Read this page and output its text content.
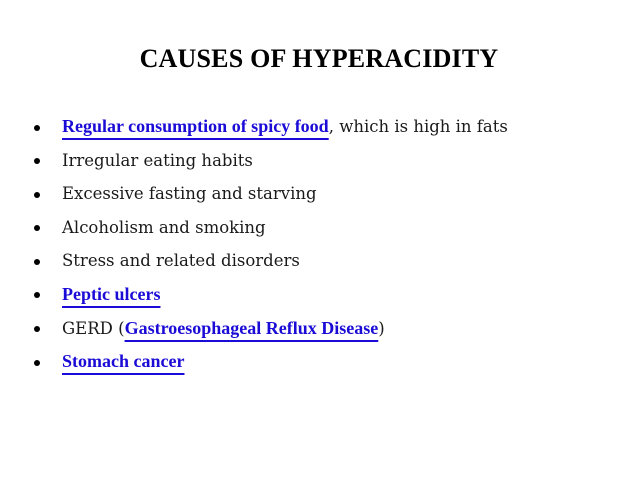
CAUSES OF HYPERACIDITY
Regular consumption of spicy food, which is high in fats
Irregular eating habits
Excessive fasting and starving
Alcoholism and smoking
Stress and related disorders
Peptic ulcers
GERD (Gastroesophageal Reflux Disease)
Stomach cancer
